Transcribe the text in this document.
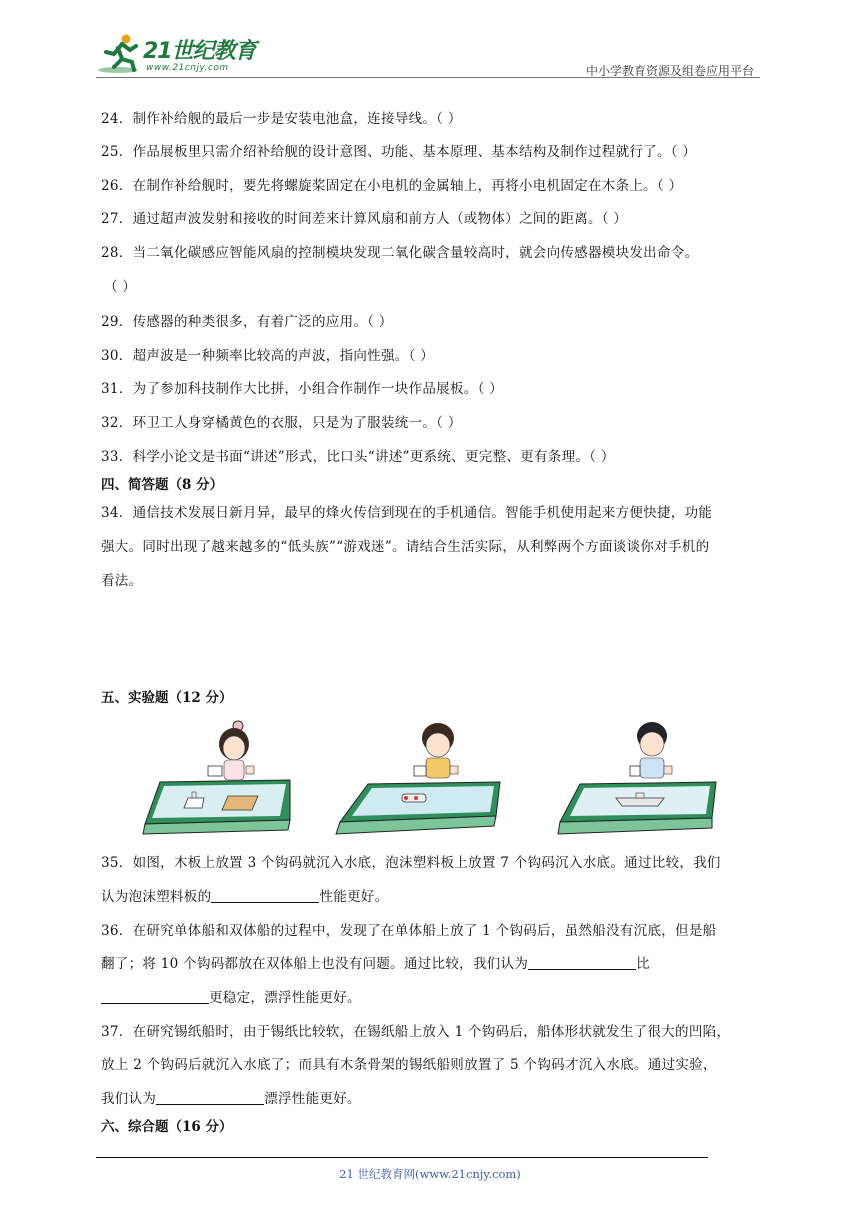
21世纪教育
www.21cnjy.com	中小学教育资源及组卷应用平台
24．制作补给舰的最后一步是安装电池盒，连接导线。（ ）
25．作品展板里只需介绍补给舰的设计意图、功能、基本原理、基本结构及制作过程就行了。（ ）
26．在制作补给舰时，要先将螺旋桨固定在小电机的金属轴上，再将小电机固定在木条上。（ ）
27．通过超声波发射和接收的时间差来计算风扇和前方人（或物体）之间的距离。（ ）
28．当二氧化碳感应智能风扇的控制模块发现二氧化碳含量较高时，就会向传感器模块发出命令。
（ ）
29．传感器的种类很多，有着广泛的应用。（ ）
30．超声波是一种频率比较高的声波，指向性强。（ ）
31．为了参加科技制作大比拼，小组合作制作一块作品展板。（ ）
32．环卫工人身穿橘黄色的衣服，只是为了服装统一。（ ）
33．科学小论文是书面“讲述”形式，比口头“讲述”更系统、更完整、更有条理。（ ）
四、简答题（8 分）
34．通信技术发展日新月异，最早的烽火传信到现在的手机通信。智能手机使用起来方便快捷，功能
强大。同时出现了越来越多的“低头族”“游戏迷”。请结合生活实际，从利弊两个方面谈谈你对手机的
看法。
五、实验题（12 分）
35．如图，木板上放置 3 个钩码就沉入水底，泡沫塑料板上放置 7 个钩码沉入水底。通过比较，我们
认为泡沫塑料板的	性能更好。
36．在研究单体船和双体船的过程中，发现了在单体船上放了 1 个钩码后，虽然船没有沉底，但是船
翻了；将 10 个钩码都放在双体船上也没有问题。通过比较，我们认为	比
更稳定，漂浮性能更好。
37．在研究锡纸船时，由于锡纸比较软，在锡纸船上放入 1 个钩码后，船体形状就发生了很大的凹陷，
放上 2 个钩码后就沉入水底了；而具有木条骨架的锡纸船则放置了 5 个钩码才沉入水底。通过实验，
我们认为	漂浮性能更好。
六、综合题（16 分）
21 世纪教育网(www.21cnjy.com)
